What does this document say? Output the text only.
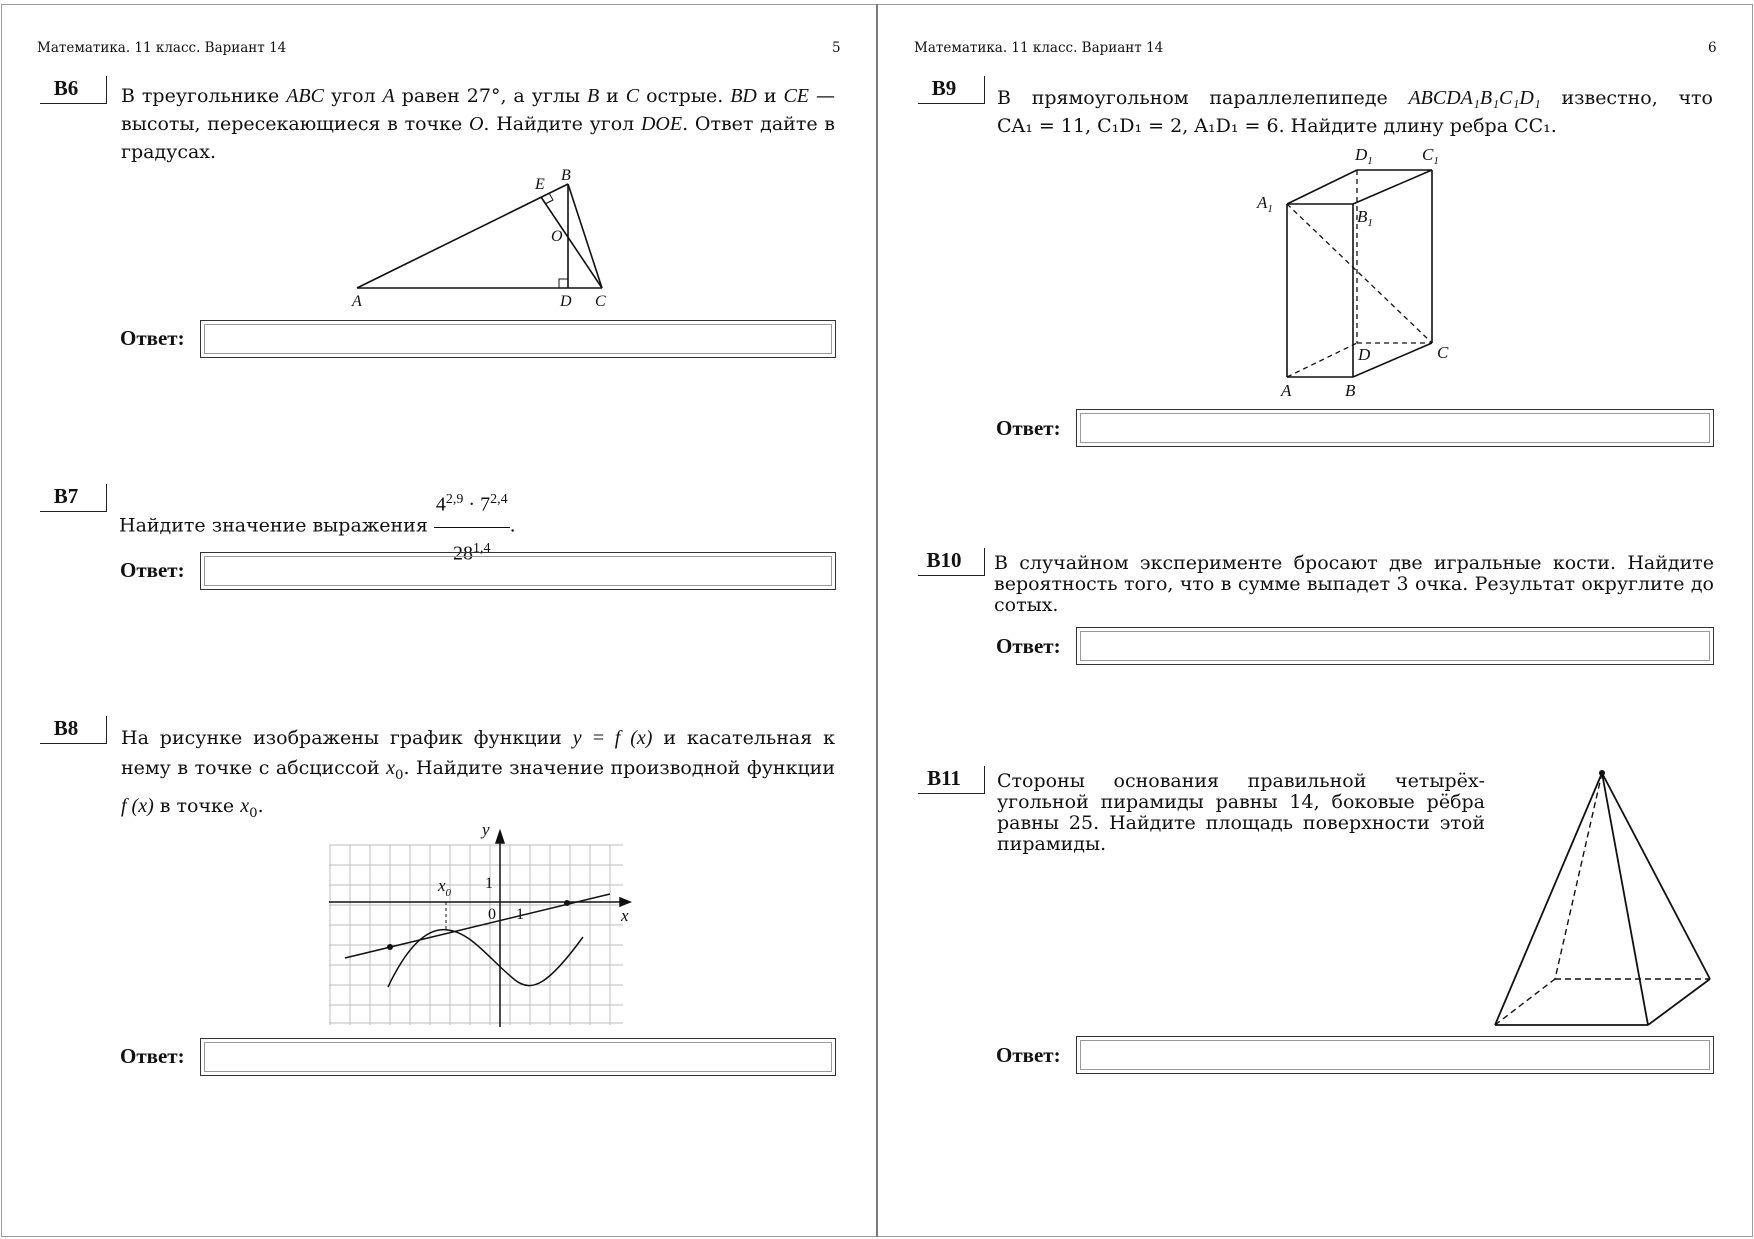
Математика. 11 класс. Вариант 14	5	Математика. 11 класс. Вариант 14	6
B6	В треугольнике ABC угол A равен 27°, а углы B и C острые. BD и CE —
высоты, пересекающиеся в точке O. Найдите угол DOE. Ответ дайте в
градусах.
A
B
C
D
E
O
Ответ:
B7
Найдите значение выражения $\frac{4^{2,9} \cdot 7^{2,4}}{28^{1,4}}$ .
Ответ:
B8	На рисунке изображены график функции y = f (x) и касательная к
нему в точке с абсциссой $x_0$. Найдите значение производной функции
f (x) в точке $x_0$.
y
x
$x_0$
1
0 1
Ответ:
B9	В прямоугольном параллелепипеде ABCDA₁B₁C₁D₁ известно, что
CA₁ = 11, C₁D₁ = 2, A₁D₁ = 6. Найдите длину ребра CC₁.
A	B
C
D
$A_1$	$B_1$
$C_1$
$D_1$
Ответ:
B10	В случайном эксперименте бросают две игральные кости. Найдите вероятность того, что в сумме выпадет 3 очка. Результат округлите до сотых.
Ответ:
B11	Стороны основания правильной четырёх-угольной пирамиды равны 14, боковые рёбра равны 25. Найдите площадь поверхности этой пирамиды.
Ответ:
